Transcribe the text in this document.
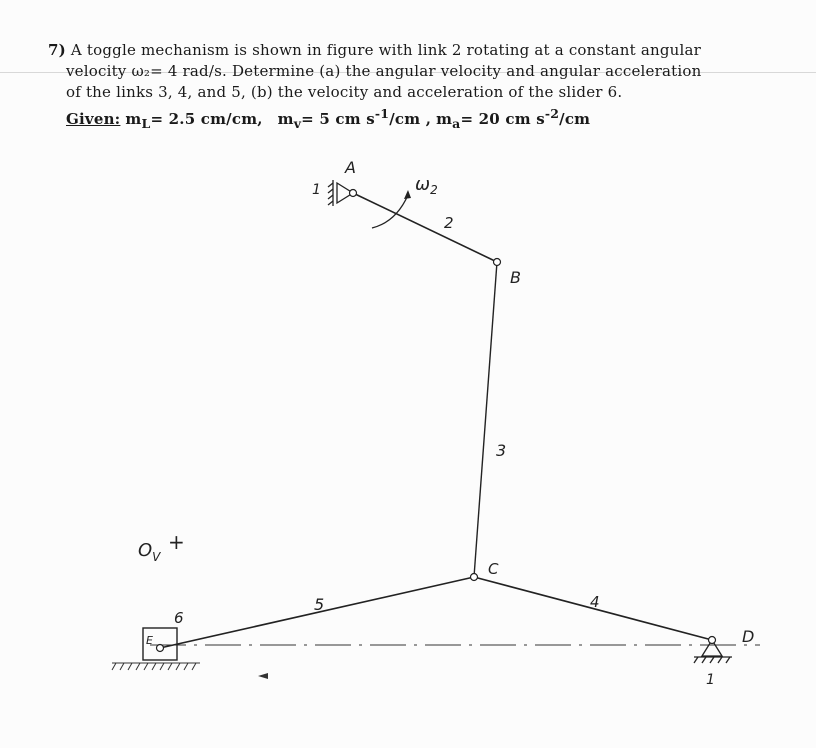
7) A toggle mechanism is shown in figure with link 2 rotating at a constant angular
velocity ω₂= 4 rad/s. Determine (a) the angular velocity and angular acceleration
of the links 3, 4, and 5, (b) the velocity and acceleration of the slider 6.
Given: $m_L= 2.5$ cm/cm, $m_v= 5$ cm $s^{-1}/cm$ , $m_a= 20$ cm $s^{-2}/cm$
+
$O_V$
A
B
C
D
E
$\omega_2$
1
1
2
3
4
5
6
